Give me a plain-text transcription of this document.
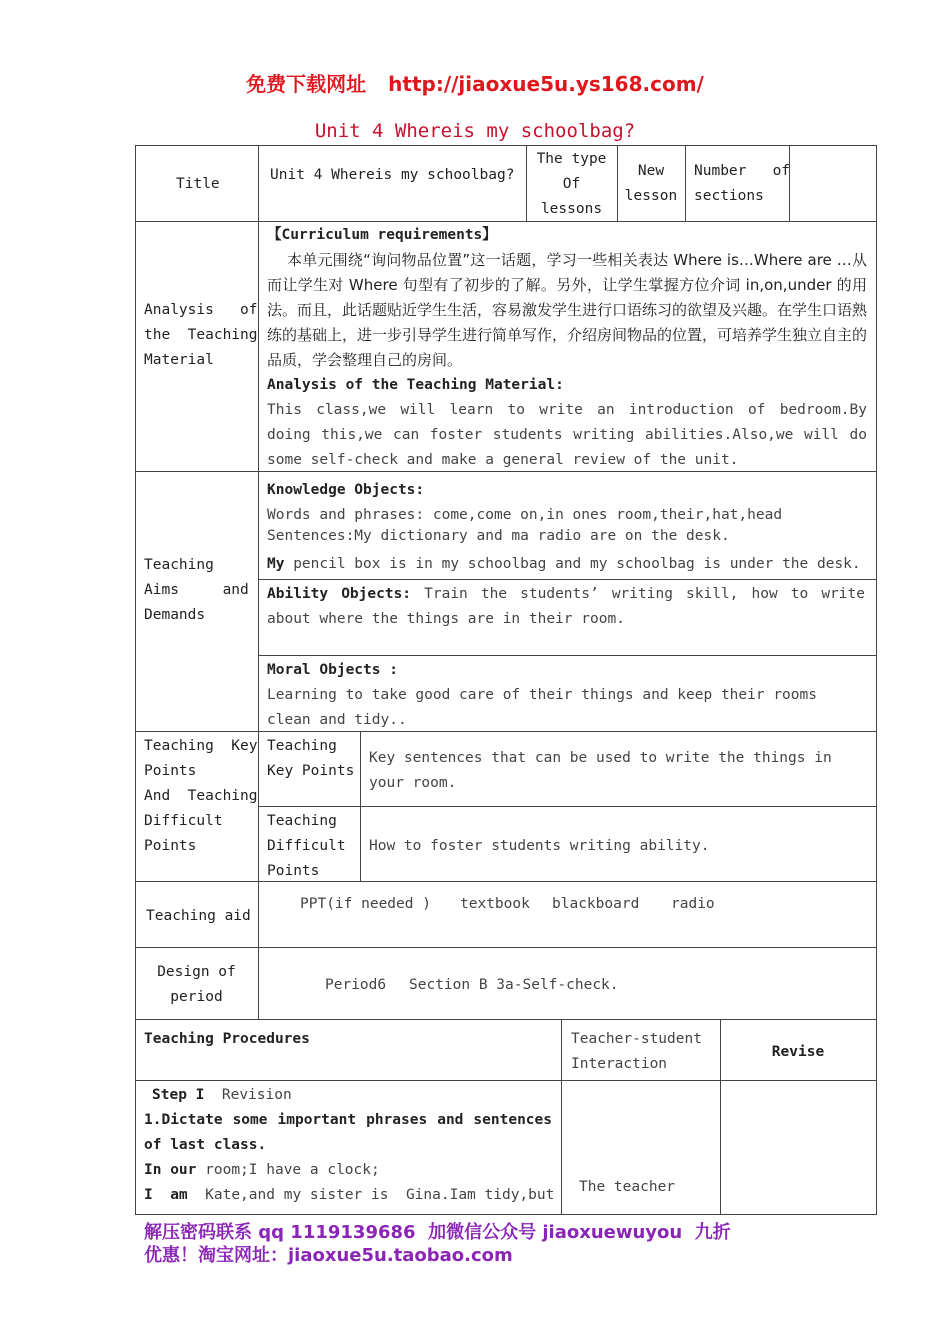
免费下载网址 http://jiaoxue5u.ys168.com/
Unit 4 Whereis my schoolbag?
Title
Unit 4 Whereis my schoolbag?
The type
Of
lessons
New
lesson
Number   of
sections
Analysis   of
the  Teaching
Material
【Curriculum requirements】
本单元围绕“询问物品位置”这一话题，学习一些相关表达 Where is…Where are …从而让学生对 Where 句型有了初步的了解。另外，让学生掌握方位介词 in,on,under 的用法。而且，此话题贴近学生生活，容易激发学生进行口语练习的欲望及兴趣。在学生口语熟练的基础上，进一步引导学生进行简单写作，介绍房间物品的位置，可培养学生独立自主的品质，学会整理自己的房间。
Analysis of the Teaching Material:
This class,we will learn to write an introduction of bedroom.By doing this,we can foster students writing abilities.Also,we will do some self-check and make a general review of the unit.
Teaching
Aims     and
Demands
Knowledge Objects:
Words and phrases: come,come on,in ones room,their,hat,head
Sentences:My dictionary and ma radio are on the desk.
My pencil box is in my schoolbag and my schoolbag is under the desk.
Ability Objects: Train the students’ writing skill, how to write about where the things are in their room.
Moral Objects :
Learning to take good care of their things and keep their rooms clean and tidy..
Teaching  Key
Points
And  Teaching
Difficult
Points
Teaching
Key Points
Key sentences that can be used to write the things in your room.
Teaching
Difficult
Points
How to foster students writing ability.
Teaching aid
PPT(if needed ) textbook blackboard radio
Design of
period
Period6 Section B 3a-Self-check.
Teaching Procedures	Teacher-student
Interaction
Revise
Step I Revision
1.Dictate some important phrases and sentences of last class.
In our room;I have a clock;
I am Kate,and my sister is Gina.Iam tidy,but The teacher
解压密码联系 qq 1119139686 加微信公众号 jiaoxuewuyou 九折
优惠！淘宝网址：jiaoxue5u.taobao.com
